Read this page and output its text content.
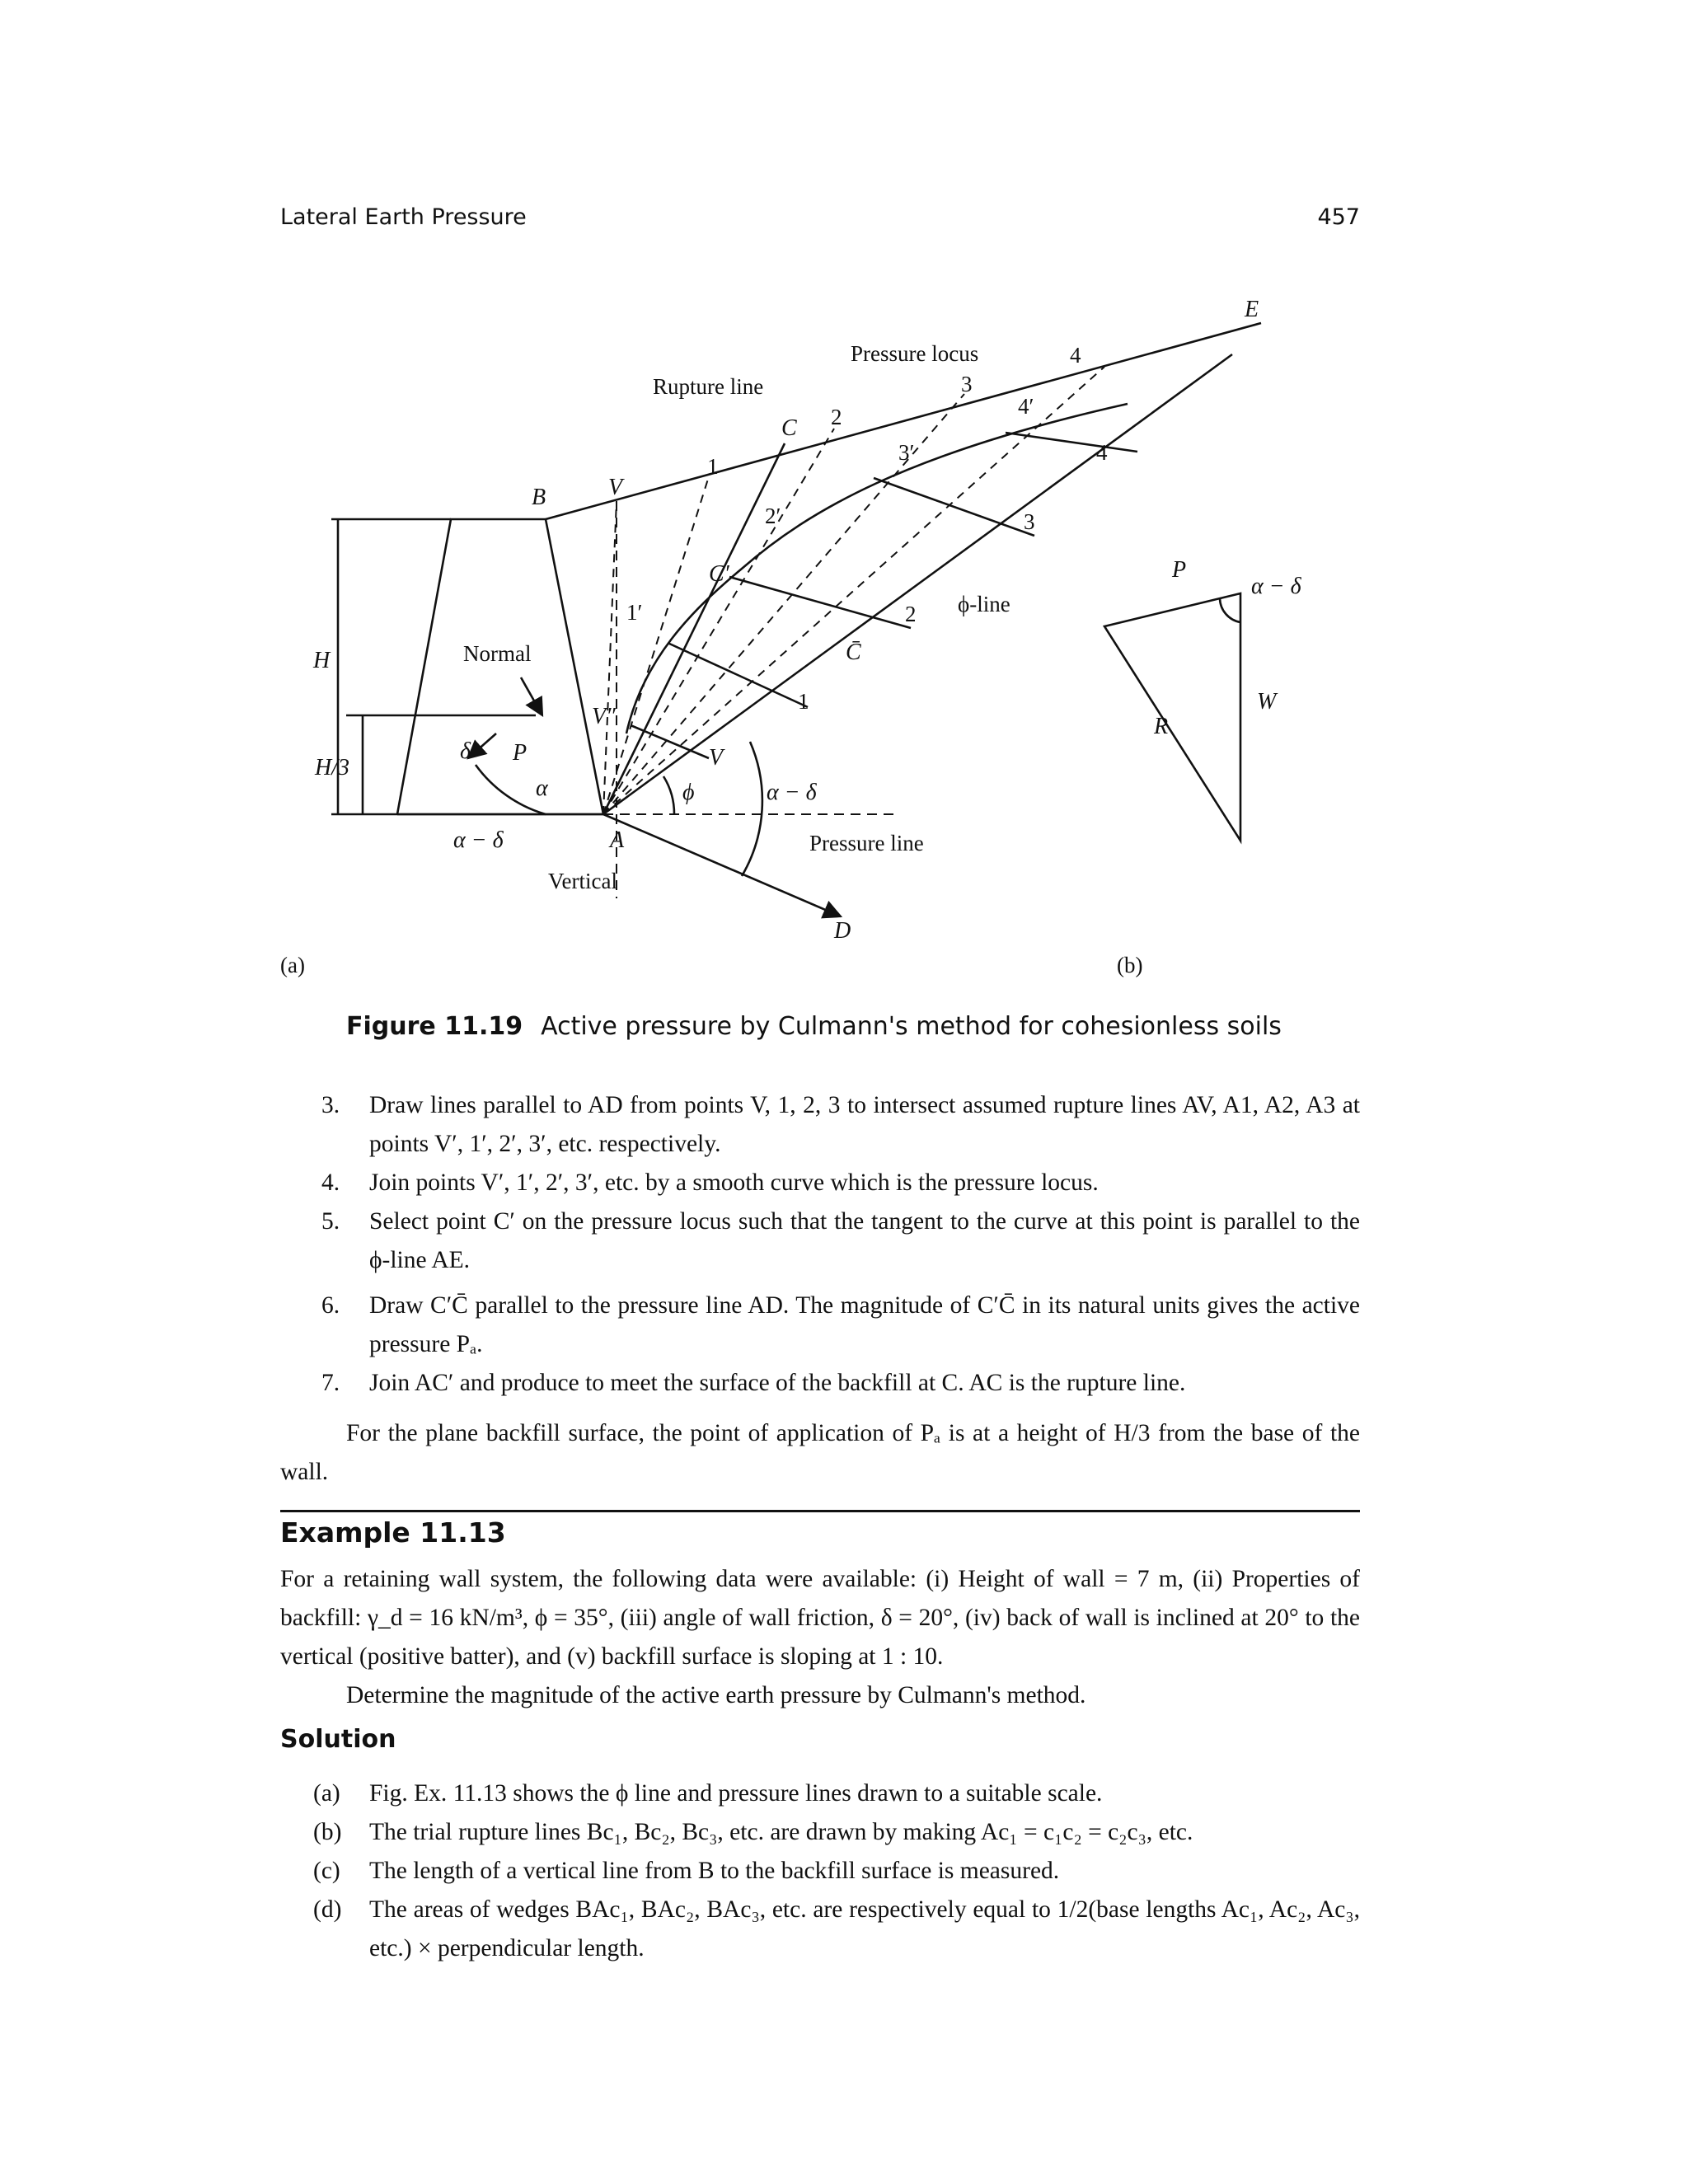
Lateral Earth Pressure	457
E
B
A
D
V
C
C′
C̄
V
V″
P
R
W
H
H/3
δ P
α
α − δ
ϕ	α − δ
α − δ
1
2
3
4
1′
2′
3′
4′
1
2
3
4
Rupture line
Pressure locus
ϕ-line
Pressure line
Normal
Vertical
(a)	(b)
Figure 11.19 Active pressure by Culmann's method for cohesionless soils
3. Draw lines parallel to AD from points V, 1, 2, 3 to intersect assumed rupture lines AV, A1, A2, A3 at points V′, 1′, 2′, 3′, etc. respectively.
4. Join points V′, 1′, 2′, 3′, etc. by a smooth curve which is the pressure locus.
5. Select point C′ on the pressure locus such that the tangent to the curve at this point is parallel to the ϕ-line AE.
6. Draw C′C̄ parallel to the pressure line AD. The magnitude of C′C̄ in its natural units gives the active pressure Pₐ.
7. Join AC′ and produce to meet the surface of the backfill at C. AC is the rupture line.

For the plane backfill surface, the point of application of Pₐ is at a height of H/3 from the base of the wall.

Example 11.13

For a retaining wall system, the following data were available: (i) Height of wall = 7 m, (ii) Properties of backfill: γ_d = 16 kN/m³, ϕ = 35°, (iii) angle of wall friction, δ = 20°, (iv) back of wall is inclined at 20° to the vertical (positive batter), and (v) backfill surface is sloping at 1 : 10.

Determine the magnitude of the active earth pressure by Culmann's method.

Solution
(a) Fig. Ex. 11.13 shows the ϕ line and pressure lines drawn to a suitable scale.
(b) The trial rupture lines Bc₁, Bc₂, Bc₃, etc. are drawn by making Ac₁ = c₁c₂ = c₂c₃, etc.
(c) The length of a vertical line from B to the backfill surface is measured.
(d) The areas of wedges BAc₁, BAc₂, BAc₃, etc. are respectively equal to 1/2(base lengths Ac₁, Ac₂, Ac₃, etc.) × perpendicular length.
